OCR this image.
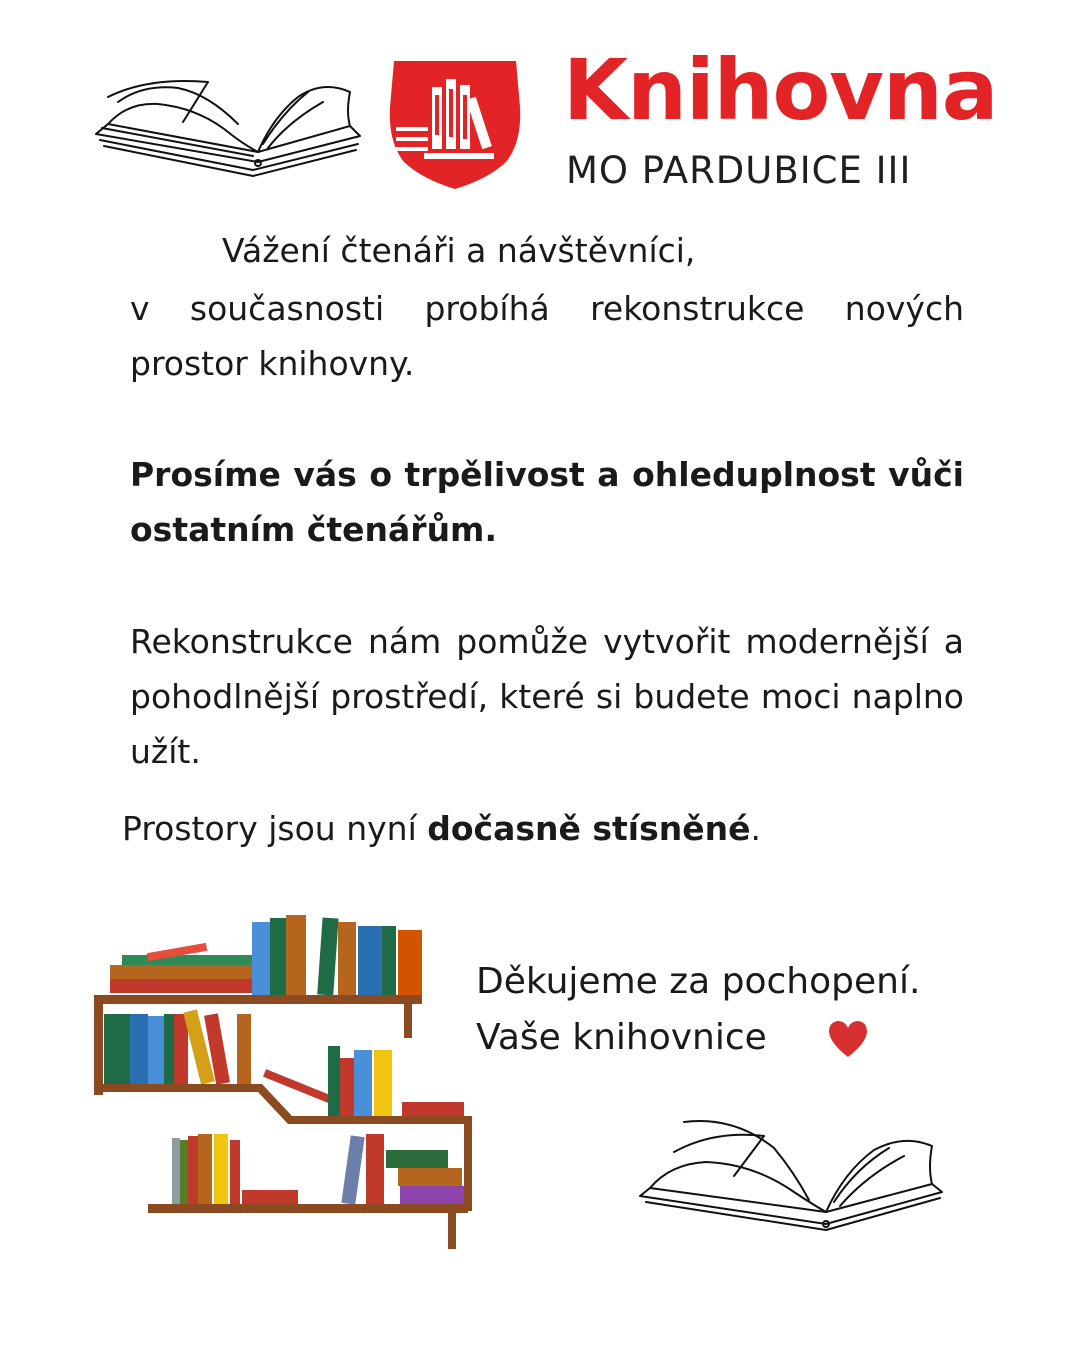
Knihovna
MO PARDUBICE III

Vážení čtenáři a návštěvníci,

v současnosti probíhá rekonstrukce nových prostor knihovny.

Prosíme vás o trpělivost a ohleduplnost vůči ostatním čtenářům.

Rekonstrukce nám pomůže vytvořit modernější a pohodlnější prostředí, které si budete moci naplno užít.

Prostory jsou nyní dočasně stísněné.

Děkujeme za pochopení.

Vaše knihovnice
